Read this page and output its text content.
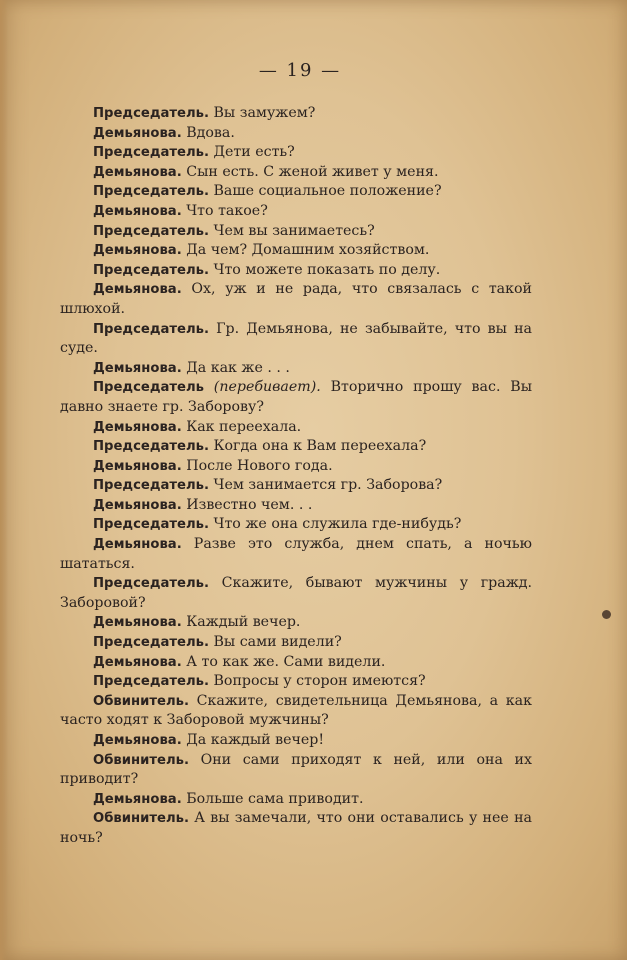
— 19 —

Председатель. Вы замужем?

Демьянова. Вдова.

Председатель. Дети есть?

Демьянова. Сын есть. С женой живет у меня.

Председатель. Ваше социальное положение?

Демьянова. Что такое?

Председатель. Чем вы занимаетесь?

Демьянова. Да чем? Домашним хозяйством.

Председатель. Что можете показать по делу.

Демьянова. Ох, уж и не рада, что связалась с такой шлюхой.

Председатель. Гр. Демьянова, не забывайте, что вы на суде.

Демьянова. Да как же . . .

Председатель (перебивает). Вторично прошу вас. Вы давно знаете гр. Заборову?

Демьянова. Как переехала.

Председатель. Когда она к Вам переехала?

Демьянова. После Нового года.

Председатель. Чем занимается гр. Заборова?

Демьянова. Известно чем. . .

Председатель. Что же она служила где-нибудь?

Демьянова. Разве это служба, днем спать, а ночью шататься.

Председатель. Скажите, бывают мужчины у гражд. Заборовой?

Демьянова. Каждый вечер.

Председатель. Вы сами видели?

Демьянова. А то как же. Сами видели.

Председатель. Вопросы у сторон имеются?

Обвинитель. Скажите, свидетельница Демьянова, а как часто ходят к Заборовой мужчины?

Демьянова. Да каждый вечер!

Обвинитель. Они сами приходят к ней, или она их приводит?

Демьянова. Больше сама приводит.

Обвинитель. А вы замечали, что они оставались у нее на ночь?
